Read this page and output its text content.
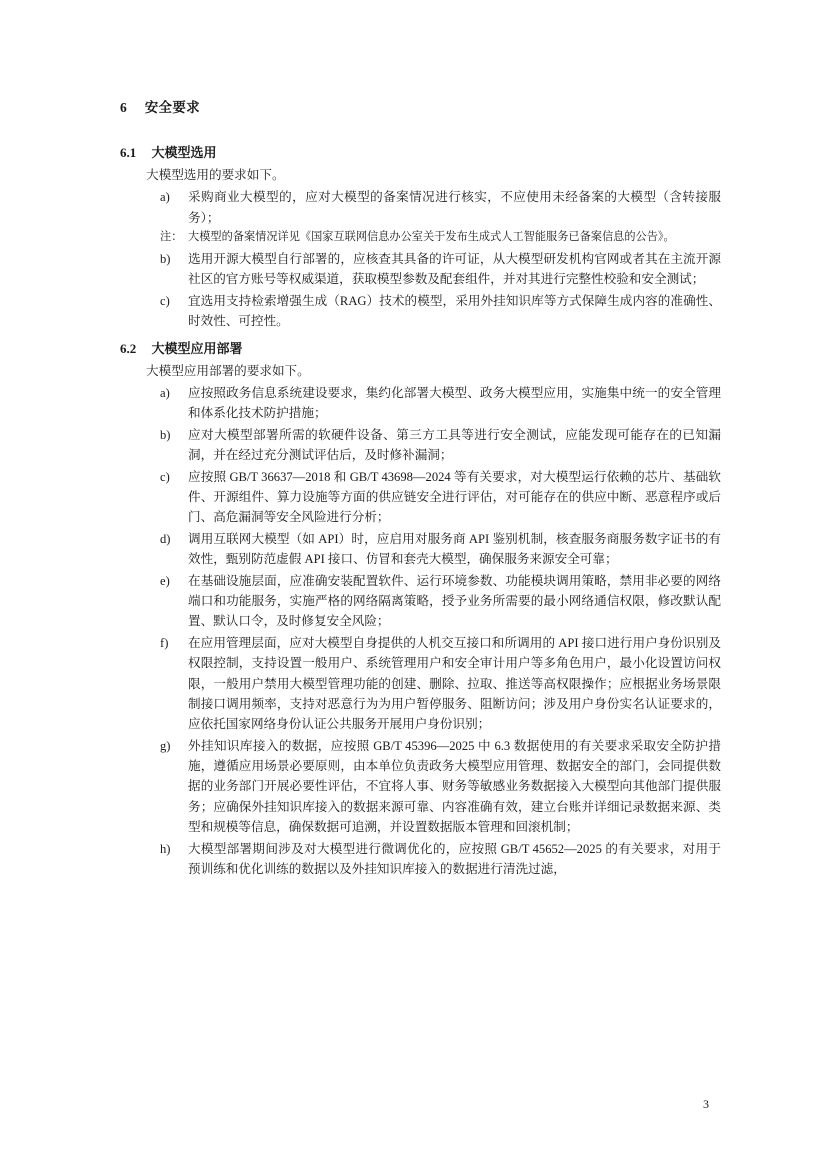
6 安全要求
6.1 大模型选用

大模型选用的要求如下。

a)	采购商业大模型的，应对大模型的备案情况进行核实，不应使用未经备案的大模型（含转接服务）；
注： 大模型的备案情况详见《国家互联网信息办公室关于发布生成式人工智能服务已备案信息的公告》。
b)	选用开源大模型自行部署的，应核查其具备的许可证，从大模型研发机构官网或者其在主流开源社区的官方账号等权威渠道，获取模型参数及配套组件，并对其进行完整性校验和安全测试；
c)	宜选用支持检索增强生成（RAG）技术的模型，采用外挂知识库等方式保障生成内容的准确性、时效性、可控性。
6.2 大模型应用部署

大模型应用部署的要求如下。

a)	应按照政务信息系统建设要求，集约化部署大模型、政务大模型应用，实施集中统一的安全管理和体系化技术防护措施；
b)	应对大模型部署所需的软硬件设备、第三方工具等进行安全测试，应能发现可能存在的已知漏洞，并在经过充分测试评估后，及时修补漏洞；
c)	应按照 GB/T 36637—2018 和 GB/T 43698—2024 等有关要求，对大模型运行依赖的芯片、基础软件、开源组件、算力设施等方面的供应链安全进行评估，对可能存在的供应中断、恶意程序或后门、高危漏洞等安全风险进行分析；
d)	调用互联网大模型（如 API）时，应启用对服务商 API 鉴别机制，核查服务商服务数字证书的有效性，甄别防范虚假 API 接口、仿冒和套壳大模型，确保服务来源安全可靠；
e)	在基础设施层面，应准确安装配置软件、运行环境参数、功能模块调用策略，禁用非必要的网络端口和功能服务，实施严格的网络隔离策略，授予业务所需要的最小网络通信权限，修改默认配置、默认口令，及时修复安全风险；
f)	在应用管理层面，应对大模型自身提供的人机交互接口和所调用的 API 接口进行用户身份识别及权限控制，支持设置一般用户、系统管理用户和安全审计用户等多角色用户，最小化设置访问权限，一般用户禁用大模型管理功能的创建、删除、拉取、推送等高权限操作；应根据业务场景限制接口调用频率，支持对恶意行为为用户暂停服务、阻断访问；涉及用户身份实名认证要求的，应依托国家网络身份认证公共服务开展用户身份识别；
g)	外挂知识库接入的数据，应按照 GB/T 45396—2025 中 6.3 数据使用的有关要求采取安全防护措施，遵循应用场景必要原则，由本单位负责政务大模型应用管理、数据安全的部门，会同提供数据的业务部门开展必要性评估，不宜将人事、财务等敏感业务数据接入大模型向其他部门提供服务；应确保外挂知识库接入的数据来源可靠、内容准确有效，建立台账并详细记录数据来源、类型和规模等信息，确保数据可追溯，并设置数据版本管理和回滚机制；
h)	大模型部署期间涉及对大模型进行微调优化的，应按照 GB/T 45652—2025 的有关要求，对用于预训练和优化训练的数据以及外挂知识库接入的数据进行清洗过滤，
3
